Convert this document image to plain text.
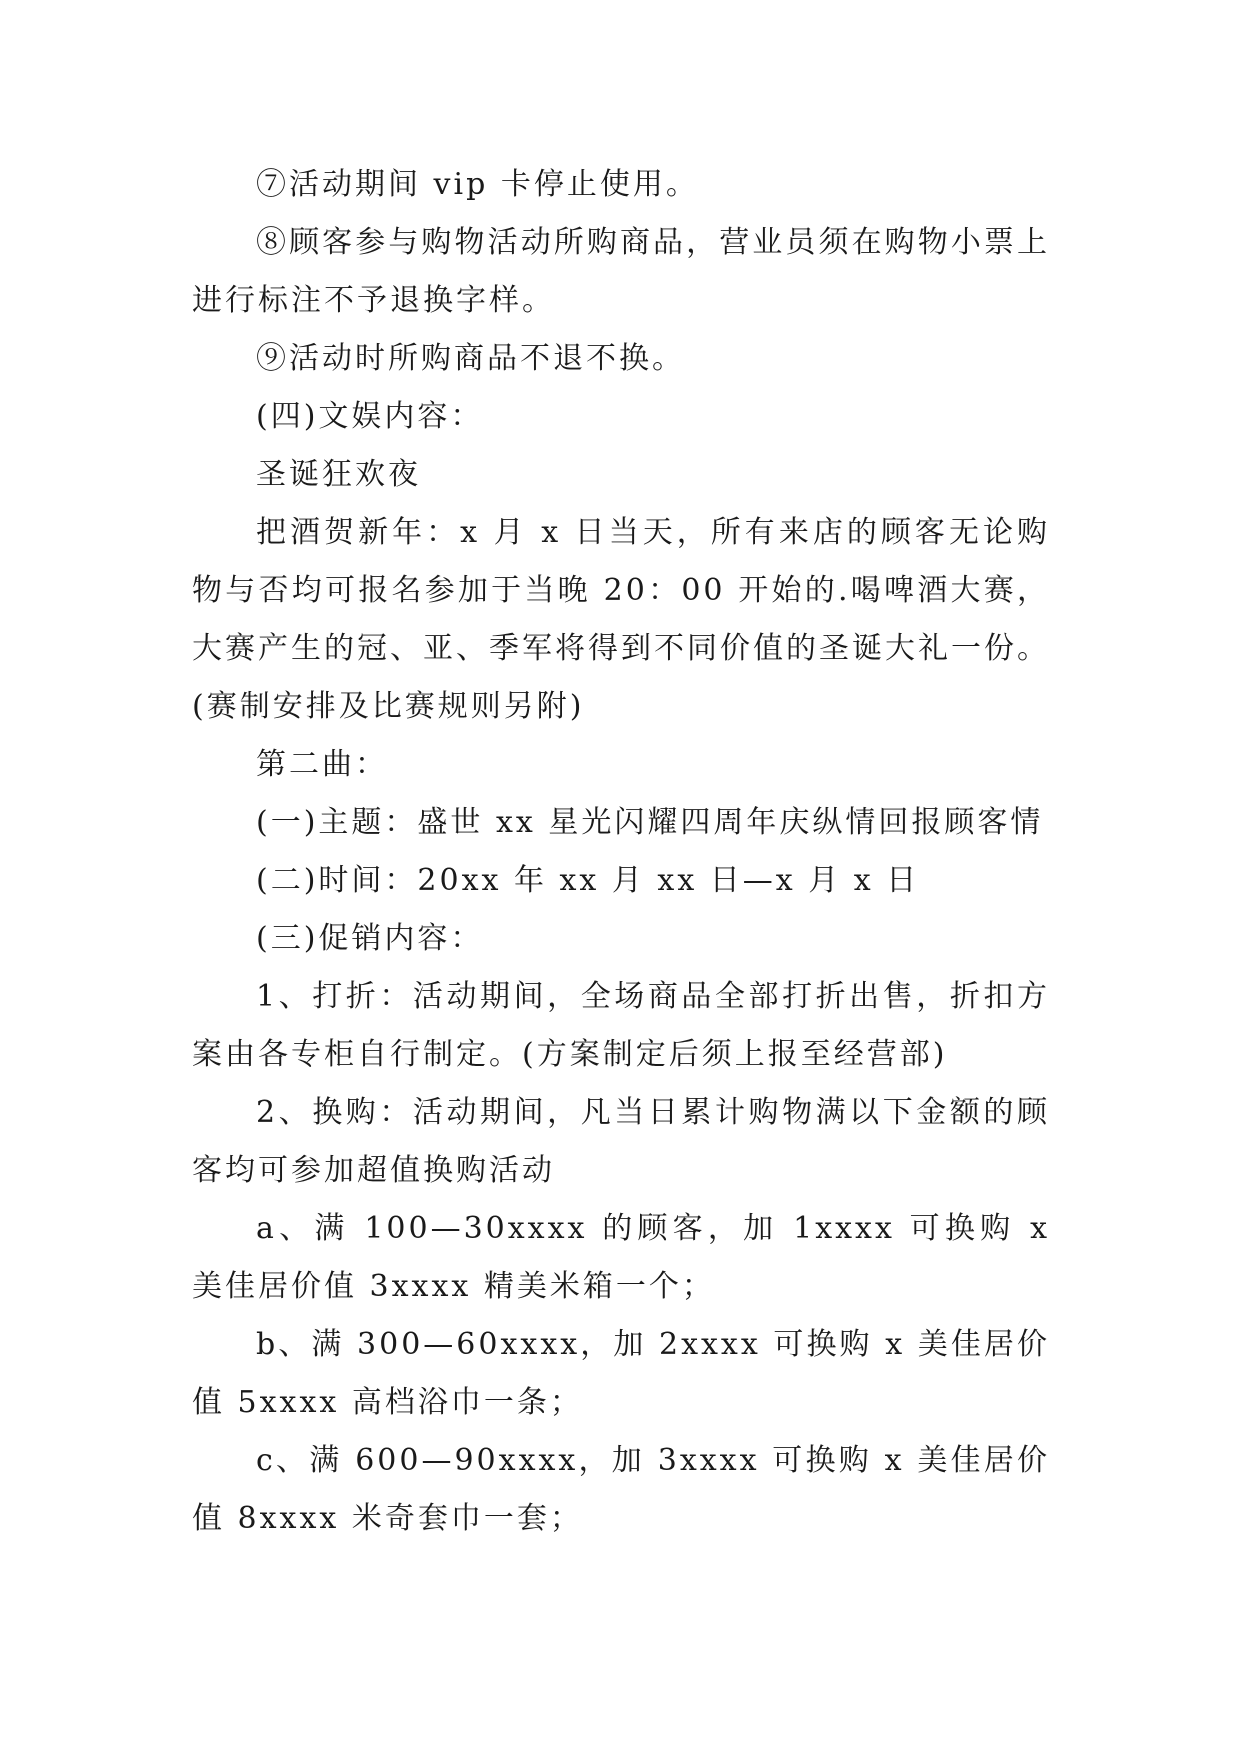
⑦活动期间 vip 卡停止使用。

⑧顾客参与购物活动所购商品，营业员须在购物小票上进行标注不予退换字样。

⑨活动时所购商品不退不换。

(四)文娱内容：

圣诞狂欢夜

把酒贺新年：x 月 x 日当天，所有来店的顾客无论购物与否均可报名参加于当晚 20：00 开始的.喝啤酒大赛，大赛产生的冠、亚、季军将得到不同价值的圣诞大礼一份。(赛制安排及比赛规则另附)

第二曲：

(一)主题：盛世 xx 星光闪耀四周年庆纵情回报顾客情

(二)时间：20xx 年 xx 月 xx 日—x 月 x 日

(三)促销内容：

1、打折：活动期间，全场商品全部打折出售，折扣方案由各专柜自行制定。(方案制定后须上报至经营部)

2、换购：活动期间，凡当日累计购物满以下金额的顾客均可参加超值换购活动

a、满 100—30xxxx 的顾客，加 1xxxx 可换购 x 美佳居价值 3xxxx 精美米箱一个；

b、满 300—60xxxx，加 2xxxx 可换购 x 美佳居价值 5xxxx 高档浴巾一条；

c、满 600—90xxxx，加 3xxxx 可换购 x 美佳居价值 8xxxx 米奇套巾一套；
